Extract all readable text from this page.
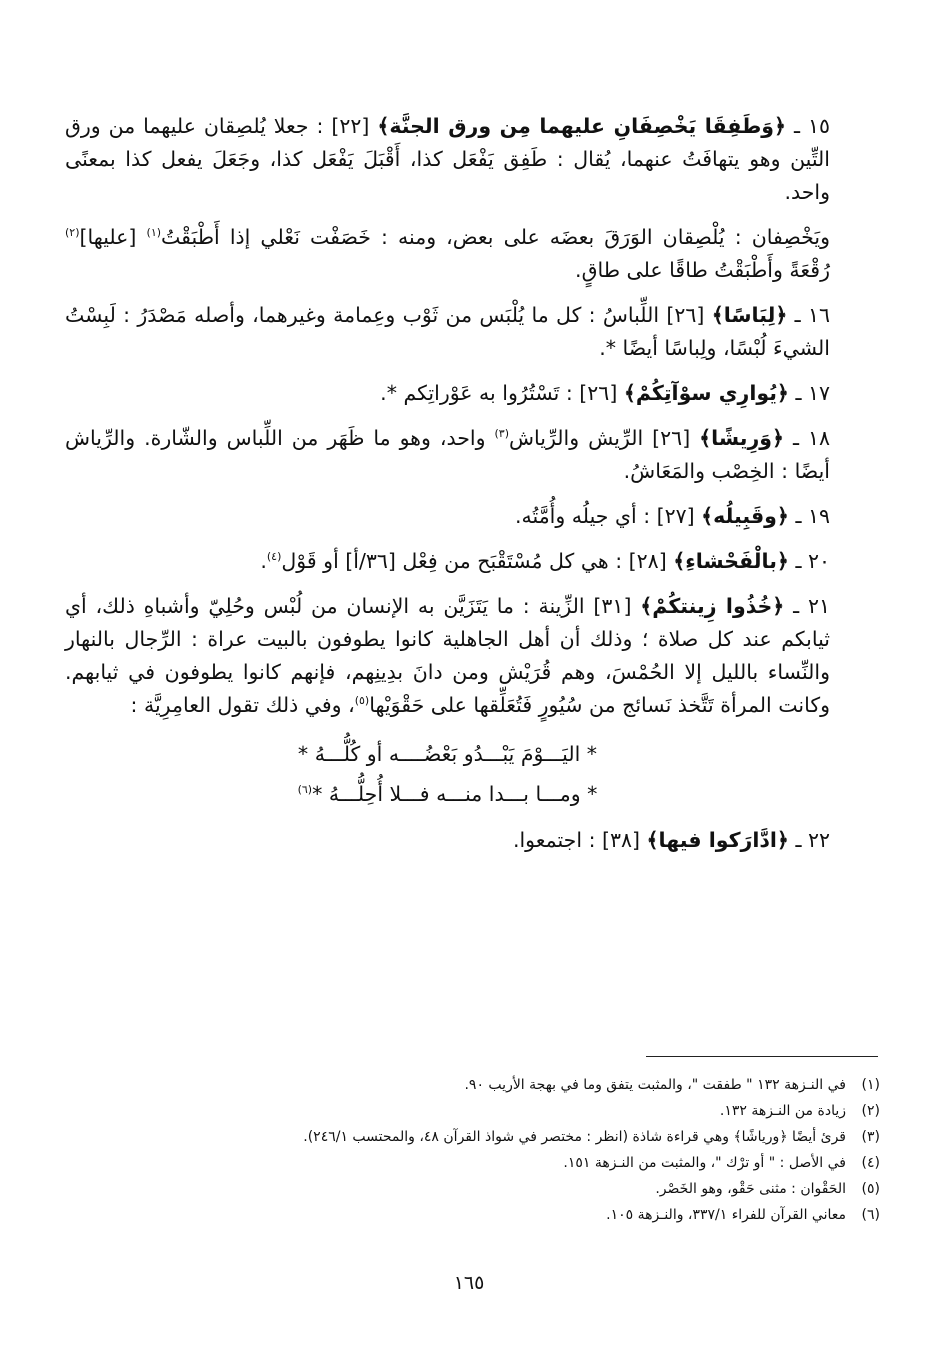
١٥ ـ ﴿وَطَفِقَا يَخْصِفَانِ عليهما مِن ورق الجنَّة﴾ [٢٢] : جعلا يُلصِقان عليهما من ورق التِّين وهو يتهافَتُ عنهما، يُقال : طَفِق يَفْعَل كذا، أَقْبَلَ يَفْعَل كذا، وجَعَلَ يفعل كذا بمعنًى واحد.

ويَخْصِفان : يُلْصِقان الوَرَقَ بعضَه على بعض، ومنه : خَصَفْت نَعْلي إذا أَطْبَقْتُ$^{(١)}$ [عليها]$^{(٢)}$ رُقْعَةً وأَطْبَقْتُ طاقًا على طاقٍ.

١٦ ـ ﴿لِبَاسًا﴾ [٢٦] اللِّباسُ : كل ما يُلْبَس من ثَوْب وعِمامة وغيرهما، وأصله مَصْدَرُ : لَبِسْتُ الشيءَ لُبْسًا، ولِباسًا أيضًا *.

١٧ ـ ﴿يُوارِي سوْآتِكُمْ﴾ [٢٦] : تَسْتُرُوا به عَوْراتِكم *.

١٨ ـ ﴿وَرِيشًا﴾ [٢٦] الرِّيش والرِّياش$^{(٣)}$ واحد، وهو ما ظَهَر من اللِّباس والشّارة. والرِّياش أيضًا : الخِصْب والمَعَاشُ.

١٩ ـ ﴿وقَبِيلُه﴾ [٢٧] : أي جيلُه وأُمَّتُه.

٢٠ ـ ﴿بالْفَحْشاءِ﴾ [٢٨] : هي كل مُسْتَقْبَح من فِعْل [٣٦/أ] أو قَوْل$^{(٤)}$.

٢١ ـ ﴿خُذُوا زِينتكُمْ﴾ [٣١] الزِّينة : ما يَتَزَيَّن به الإنسان من لُبْس وحُلِيّ وأشباهِ ذلك، أي ثيابكم عند كل صلاة ؛ وذلك أن أهل الجاهلية كانوا يطوفون بالبيت عراة : الرِّجال بالنهار والنِّساء بالليل إلا الحُمْسَ، وهم قُرَيْش ومن دانَ بدِينِهم، فإنهم كانوا يطوفون في ثيابهم. وكانت المرأة تَتَّخذ نَسائج من سُيُورٍ فَتُعَلِّقها على حَقْوَيْها$^{(٥)}$، وفي ذلك تقول العامِرِيَّة :

* اليَـــوْمَ يَبْـــدُو بَعْضُــــه أو كُلُّـــهُ *

* ومـــا بـــدا منـــه فـــلا أُحِلُّـــهُ *$^{(٦)}$

٢٢ ـ ﴿ادَّارَكوا فيها﴾ [٣٨] : اجتمعوا.

(١)في النـزهة ١٣٢ " طفقت "، والمثبت يتفق وما في بهجة الأريب ٩٠.
(٢)زيادة من النـزهة ١٣٢.
(٣)قرئ أيضًا ﴿ورياشًا﴾ وهي قراءة شاذة (انظر : مختصر في شواذ القرآن ٤٨، والمحتسب ٢٤٦/١).
(٤)في الأصل : " أو ترْك "، والمثبت من النـزهة ١٥١.
(٥)الحَقْوان : مثنى حَقْو، وهو الخَصْر.
(٦)معاني القرآن للفراء ٣٣٧/١، والنـزهة ١٠٥.

١٦٥
